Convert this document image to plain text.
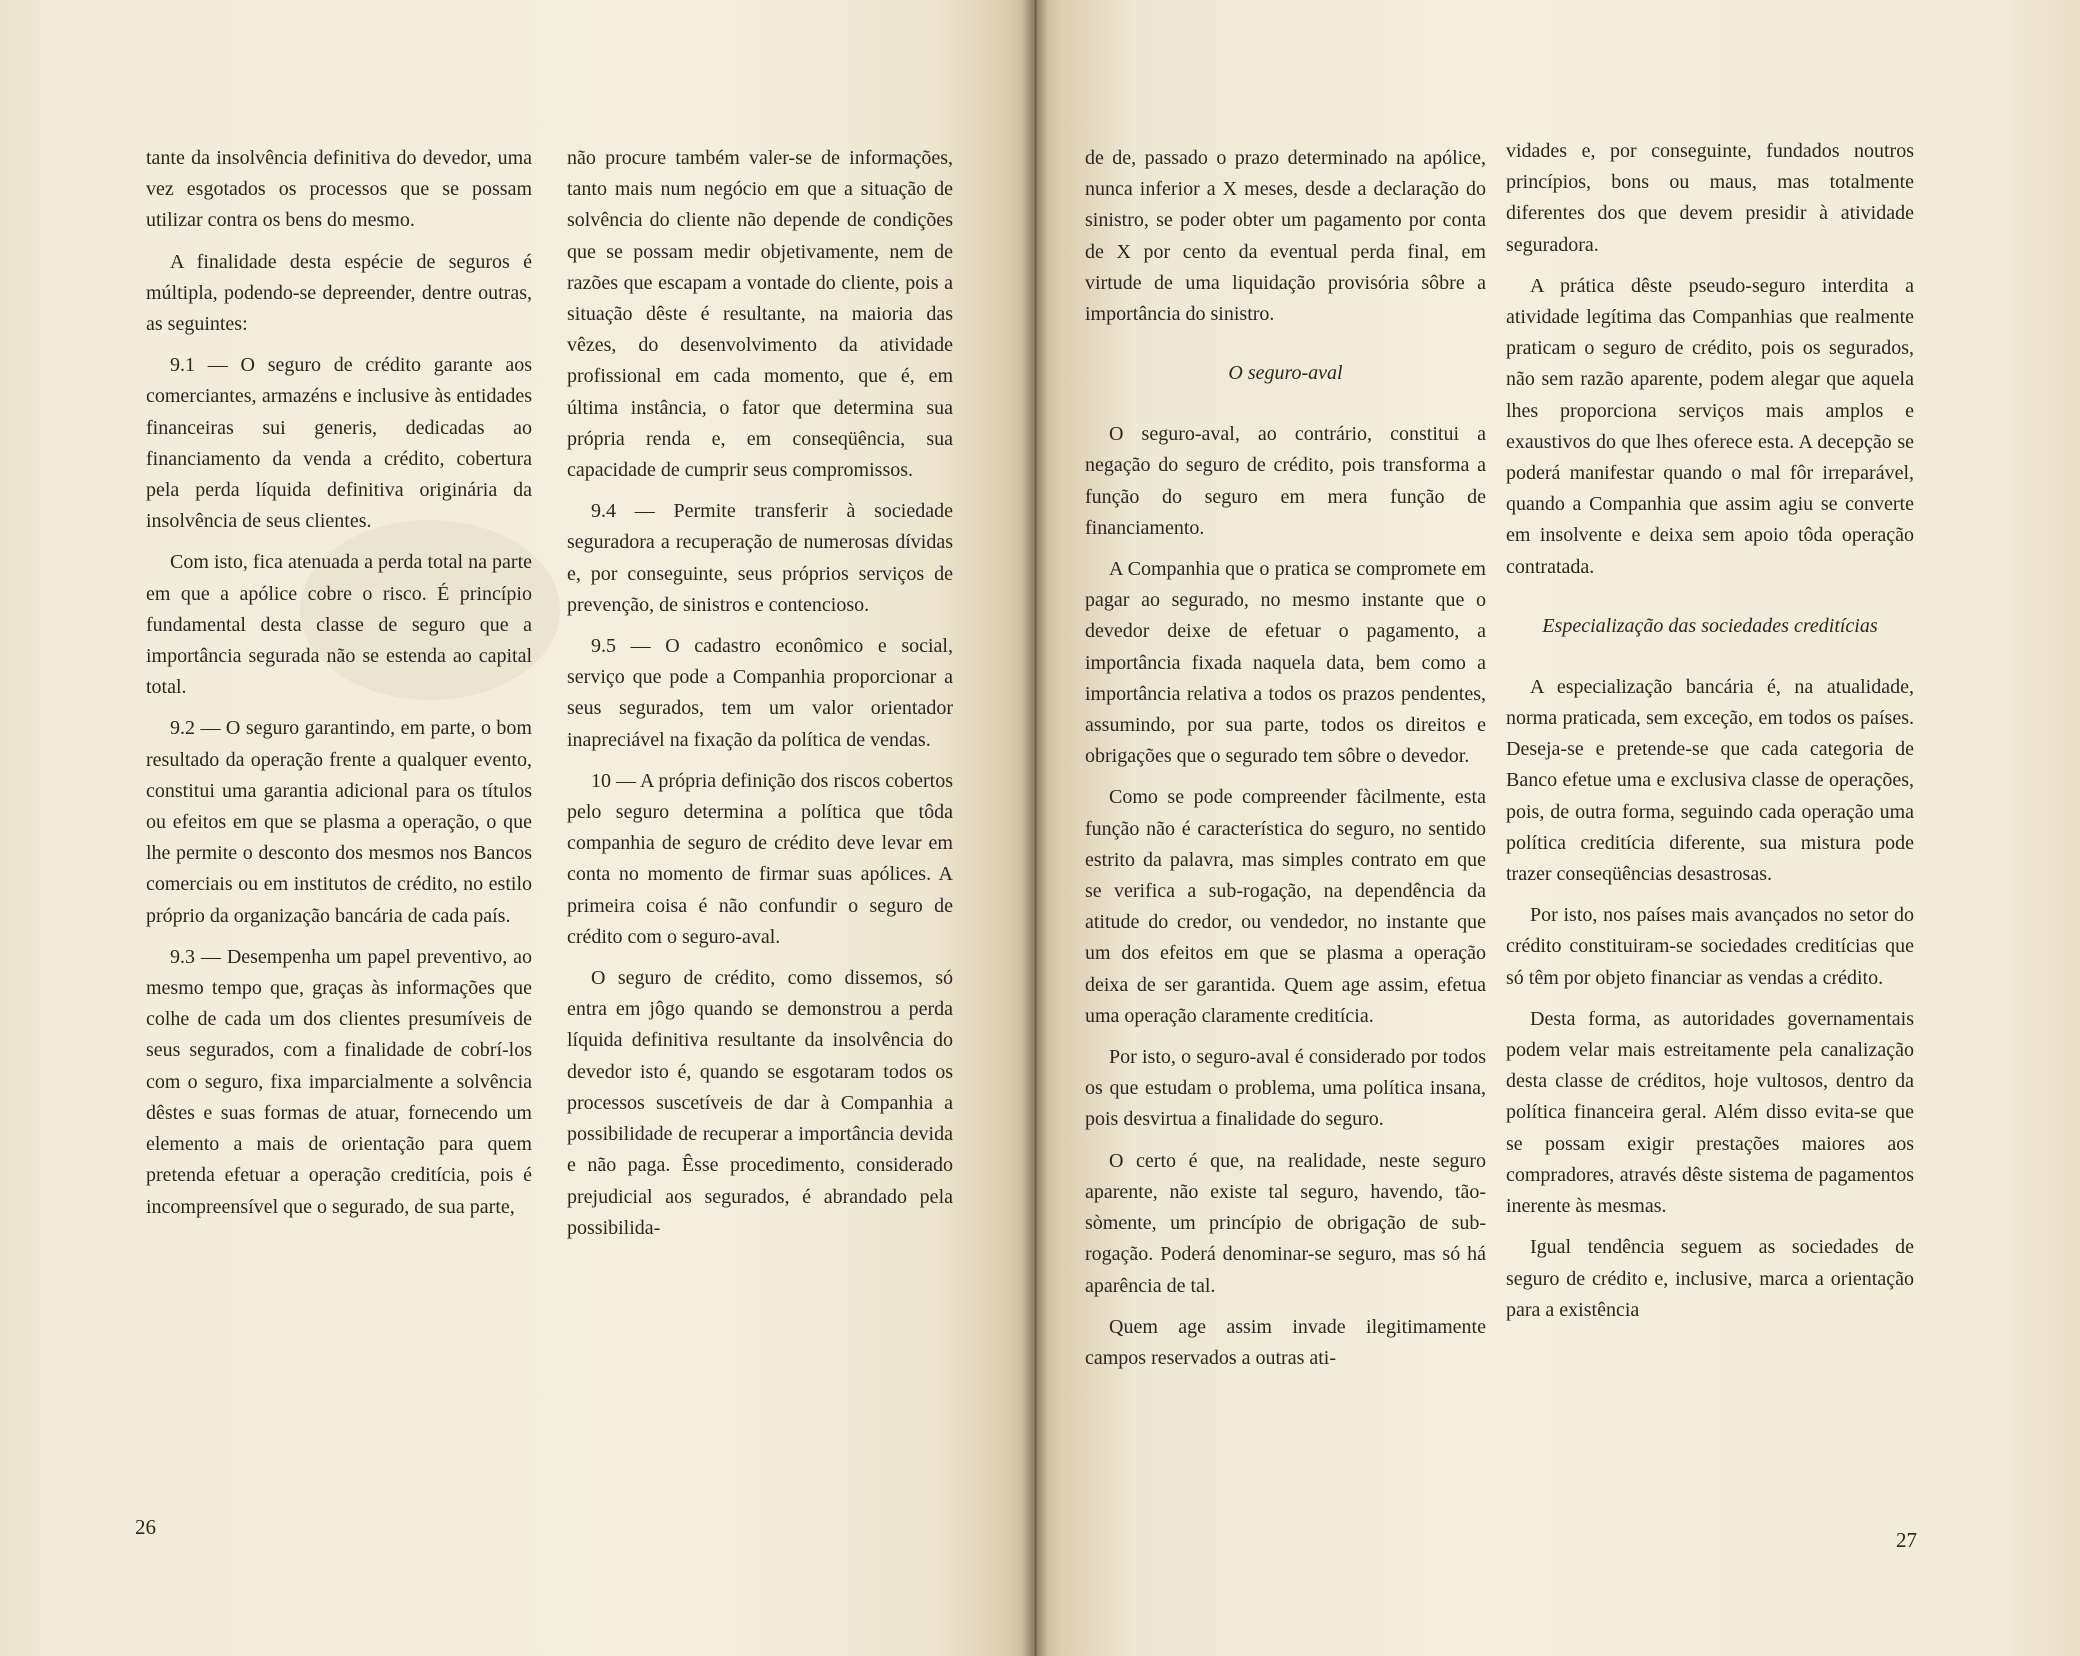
tante da insolvência definitiva do devedor, uma vez esgotados os processos que se possam utilizar contra os bens do mesmo.

A finalidade desta espécie de seguros é múltipla, podendo-se depreender, dentre outras, as seguintes:

9.1 — O seguro de crédito garante aos comerciantes, armazéns e inclusive às entidades financeiras sui generis, dedicadas ao financiamento da venda a crédito, cobertura pela perda líquida definitiva originária da insolvência de seus clientes.

Com isto, fica atenuada a perda total na parte em que a apólice cobre o risco. É princípio fundamental desta classe de seguro que a importância segurada não se estenda ao capital total.

9.2 — O seguro garantindo, em parte, o bom resultado da operação frente a qualquer evento, constitui uma garantia adicional para os títulos ou efeitos em que se plasma a operação, o que lhe permite o desconto dos mesmos nos Bancos comerciais ou em institutos de crédito, no estilo próprio da organização bancária de cada país.

9.3 — Desempenha um papel preventivo, ao mesmo tempo que, graças às informações que colhe de cada um dos clientes presumíveis de seus segurados, com a finalidade de cobrí-los com o seguro, fixa imparcialmente a solvência dêstes e suas formas de atuar, fornecendo um elemento a mais de orientação para quem pretenda efetuar a operação creditícia, pois é incompreensível que o segurado, de sua parte,

não procure também valer-se de informações, tanto mais num negócio em que a situação de solvência do cliente não depende de condições que se possam medir objetivamente, nem de razões que escapam a vontade do cliente, pois a situação dêste é resultante, na maioria das vêzes, do desenvolvimento da atividade profissional em cada momento, que é, em última instância, o fator que determina sua própria renda e, em conseqüência, sua capacidade de cumprir seus compromissos.

9.4 — Permite transferir à sociedade seguradora a recuperação de numerosas dívidas e, por conseguinte, seus próprios serviços de prevenção, de sinistros e contencioso.

9.5 — O cadastro econômico e social, serviço que pode a Companhia proporcionar a seus segurados, tem um valor orientador inapreciável na fixação da política de vendas.

10 — A própria definição dos riscos cobertos pelo seguro determina a política que tôda companhia de seguro de crédito deve levar em conta no momento de firmar suas apólices. A primeira coisa é não confundir o seguro de crédito com o seguro-aval.

O seguro de crédito, como dissemos, só entra em jôgo quando se demonstrou a perda líquida definitiva resultante da insolvência do devedor isto é, quando se esgotaram todos os processos suscetíveis de dar à Companhia a possibilidade de recuperar a importância devida e não paga. Êsse procedimento, considerado prejudicial aos segurados, é abrandado pela possibilida-

26

de de, passado o prazo determinado na apólice, nunca inferior a X meses, desde a declaração do sinistro, se poder obter um pagamento por conta de X por cento da eventual perda final, em virtude de uma liquidação provisória sôbre a importância do sinistro.

O seguro-aval

O seguro-aval, ao contrário, constitui a negação do seguro de crédito, pois transforma a função do seguro em mera função de financiamento.

A Companhia que o pratica se compromete em pagar ao segurado, no mesmo instante que o devedor deixe de efetuar o pagamento, a importância fixada naquela data, bem como a importância relativa a todos os prazos pendentes, assumindo, por sua parte, todos os direitos e obrigações que o segurado tem sôbre o devedor.

Como se pode compreender fàcilmente, esta função não é característica do seguro, no sentido estrito da palavra, mas simples contrato em que se verifica a sub-rogação, na dependência da atitude do credor, ou vendedor, no instante que um dos efeitos em que se plasma a operação deixa de ser garantida. Quem age assim, efetua uma operação claramente creditícia.

Por isto, o seguro-aval é considerado por todos os que estudam o problema, uma política insana, pois desvirtua a finalidade do seguro.

O certo é que, na realidade, neste seguro aparente, não existe tal seguro, havendo, tão-sòmente, um princípio de obrigação de sub-rogação. Poderá denominar-se seguro, mas só há aparência de tal.

Quem age assim invade ilegitimamente campos reservados a outras ati-

vidades e, por conseguinte, fundados noutros princípios, bons ou maus, mas totalmente diferentes dos que devem presidir à atividade seguradora.

A prática dêste pseudo-seguro interdita a atividade legítima das Companhias que realmente praticam o seguro de crédito, pois os segurados, não sem razão aparente, podem alegar que aquela lhes proporciona serviços mais amplos e exaustivos do que lhes oferece esta. A decepção se poderá manifestar quando o mal fôr irreparável, quando a Companhia que assim agiu se converte em insolvente e deixa sem apoio tôda operação contratada.

Especialização das sociedades creditícias

A especialização bancária é, na atualidade, norma praticada, sem exceção, em todos os países. Deseja-se e pretende-se que cada categoria de Banco efetue uma e exclusiva classe de operações, pois, de outra forma, seguindo cada operação uma política creditícia diferente, sua mistura pode trazer conseqüências desastrosas.

Por isto, nos países mais avançados no setor do crédito constituiram-se sociedades creditícias que só têm por objeto financiar as vendas a crédito.

Desta forma, as autoridades governamentais podem velar mais estreitamente pela canalização desta classe de créditos, hoje vultosos, dentro da política financeira geral. Além disso evita-se que se possam exigir prestações maiores aos compradores, através dêste sistema de pagamentos inerente às mesmas.

Igual tendência seguem as sociedades de seguro de crédito e, inclusive, marca a orientação para a existência

27
